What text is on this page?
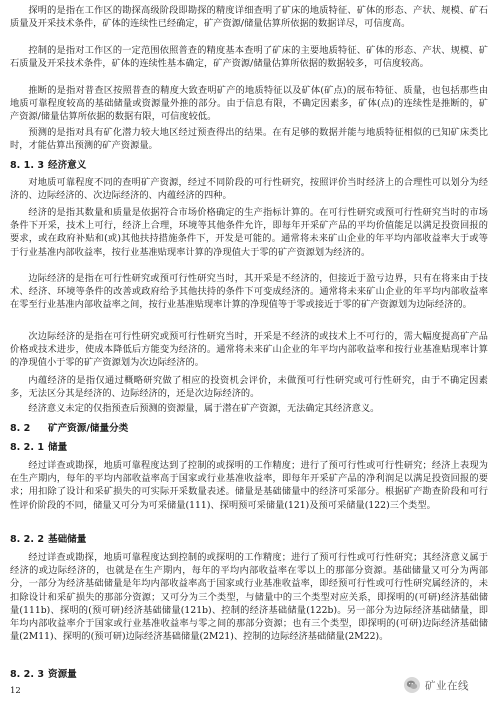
探明的是指在工作区的勘探高级阶段即勘探的精度详细查明了矿床的地质特征、矿体的形态、产状、规模、矿石质量及开采技术条件，矿体的连续性已经确定，矿产资源/储量估算所依据的数据详尽，可信度高。

控制的是指对工作区的一定范围依照普查的精度基本查明了矿床的主要地质特征、矿体的形态、产状、规模、矿石质量及开采技术条件，矿体的连续性基本确定，矿产资源/储量估算所依据的数据较多，可信度较高。

推断的是指对普查区按照普查的精度大致查明矿产的地质特征以及矿体(矿点)的展布特征、质量，也包括那些由地质可靠程度较高的基础储量或资源量外推的部分。由于信息有限，不确定因素多，矿体(点)的连续性是推断的，矿产资源/储量估算所依据的数据有限，可信度较低。

预测的是指对具有矿化潜力较大地区经过预查得出的结果。在有足够的数据并能与地质特征相似的已知矿床类比时，才能估算出预测的矿产资源量。

8. 1. 3 经济意义

对地质可靠程度不同的查明矿产资源，经过不同阶段的可行性研究，按照评价当时经济上的合理性可以划分为经济的、边际经济的、次边际经济的、内蕴经济的四种。

经济的是指其数量和质量是依据符合市场价格确定的生产指标计算的。在可行性研究或预可行性研究当时的市场条件下开采，技术上可行，经济上合理，环境等其他条件允许，即每年开采矿产品的平均价值能足以满足投资回报的要求，或在政府补贴和(或)其他扶持措施条件下，开发是可能的。通常将未来矿山企业的年平均内部收益率大于或等于行业基准内部收益率，按行业基准贴现率计算的净现值大于零的矿产资源划为经济的。

边际经济的是指在可行性研究或预可行性研究当时，其开采是不经济的，但接近于盈亏边界，只有在将来由于技术、经济、环境等条件的改善或政府给予其他扶持的条件下可变成经济的。通常将未来矿山企业的年平均内部收益率在零至行业基准内部收益率之间，按行业基准贴现率计算的净现值等于零或接近于零的矿产资源划为边际经济的。

次边际经济的是指在可行性研究或预可行性研究当时，开采是不经济的或技术上不可行的，需大幅度提高矿产品价格或技术进步，使成本降低后方能变为经济的。通常将未来矿山企业的年平均内部收益率和按行业基准贴现率计算的净现值小于零的矿产资源划为次边际经济的。

内蕴经济的是指仅通过概略研究做了相应的投资机会评价，未做预可行性研究或可行性研究，由于不确定因素多，无法区分其是经济的、边际经济的，还是次边际经济的。

经济意义未定的仅指预查后预测的资源量，属于潜在矿产资源，无法确定其经济意义。

8. 2 矿产资源/储量分类
8. 2. 1 储量

经过详查或勘探，地质可靠程度达到了控制的或探明的工作精度；进行了预可行性或可行性研究；经济上表现为在生产期内，每年的平均内部收益率高于国家或行业基准收益率，即每年开采矿产品的净利润足以满足投资回报的要求；用扣除了设计和采矿损失的可实际开采数量表述。储量是基础储量中的经济可采部分。根据矿产勘查阶段和可行性评价阶段的不同，储量又可分为可采储量(111)、探明预可采储量(121)及预可采储量(122)三个类型。

8. 2. 2 基础储量

经过详查或勘探，地质可靠程度达到控制的或探明的工作精度；进行了预可行性或可行性研究；其经济意义属于经济的或边际经济的，也就是在生产期内，每年的平均内部收益率在零以上的那部分资源。基础储量又可分为两部分，一部分为经济基础储量是年均内部收益率高于国家或行业基准收益率，即经预可行性或可行性研究属经济的，未扣除设计和采矿损失的那部分资源；又可分为三个类型，与储量中的三个类型对应关系，即探明的(可研)经济基础储量(111b)、探明的(预可研)经济基础储量(121b)、控制的经济基础储量(122b)。另一部分为边际经济基础储量，即年均内部收益率介于国家或行业基准收益率与零之间的那部分资源；也有三个类型，即探明的(可研)边际经济基础储量(2M11)、探明的(预可研)边际经济基础储量(2M21)、控制的边际经济基础储量(2M22)。

8. 2. 3 资源量
12	矿业在线
